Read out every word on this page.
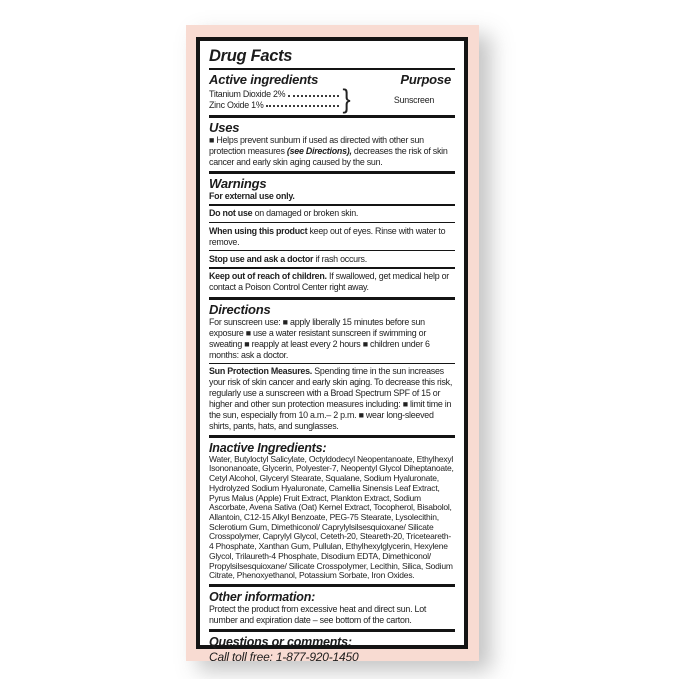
Drug Facts
Active ingredients
Titanium Dioxide 2%
Zinc Oxide 1%	}
Purpose
Sunscreen
Uses
■ Helps prevent sunburn if used as directed with other sun protection measures (see Directions), decreases the risk of skin cancer and early skin aging caused by the sun.
Warnings
For external use only.
Do not use on damaged or broken skin.
When using this product keep out of eyes. Rinse with water to remove.
Stop use and ask a doctor if rash occurs.
Keep out of reach of children. If swallowed, get medical help or contact a Poison Control Center right away.
Directions
For sunscreen use: ■ apply liberally 15 minutes before sun exposure ■ use a water resistant sunscreen if swimming or sweating ■ reapply at least every 2 hours ■ children under 6 months: ask a doctor.
Sun Protection Measures. Spending time in the sun increases your risk of skin cancer and early skin aging. To decrease this risk, regularly use a sunscreen with a Broad Spectrum SPF of 15 or higher and other sun protection measures including: ■ limit time in the sun, especially from 10 a.m.– 2 p.m. ■ wear long-sleeved shirts, pants, hats, and sunglasses.
Inactive Ingredients:
Water, Butyloctyl Salicylate, Octyldodecyl Neopentanoate, Ethylhexyl Isononanoate, Glycerin, Polyester-7, Neopentyl Glycol Diheptanoate, Cetyl Alcohol, Glyceryl Stearate, Squalane, Sodium Hyaluronate, Hydrolyzed Sodium Hyaluronate, Camellia Sinensis Leaf Extract, Pyrus Malus (Apple) Fruit Extract, Plankton Extract, Sodium Ascorbate, Avena Sativa (Oat) Kernel Extract, Tocopherol, Bisabolol, Allantoin, C12-15 Alkyl Benzoate, PEG-75 Stearate, Lysolecithin, Sclerotium Gum, Dimethiconol/ Caprylylsilsesquioxane/ Silicate Crosspolymer, Caprylyl Glycol, Ceteth-20, Steareth-20, Triceteareth-4 Phosphate, Xanthan Gum, Pullulan, Ethylhexylglycerin, Hexylene Glycol, Trilaureth-4 Phosphate, Disodium EDTA, Dimethiconol/ Propylsilsesquioxane/ Silicate Crosspolymer, Lecithin, Silica, Sodium Citrate, Phenoxyethanol, Potassium Sorbate, Iron Oxides.
Other information:
Protect the product from excessive heat and direct sun. Lot number and expiration date – see bottom of the carton.
Questions or comments:
Call toll free: 1-877-920-1450
